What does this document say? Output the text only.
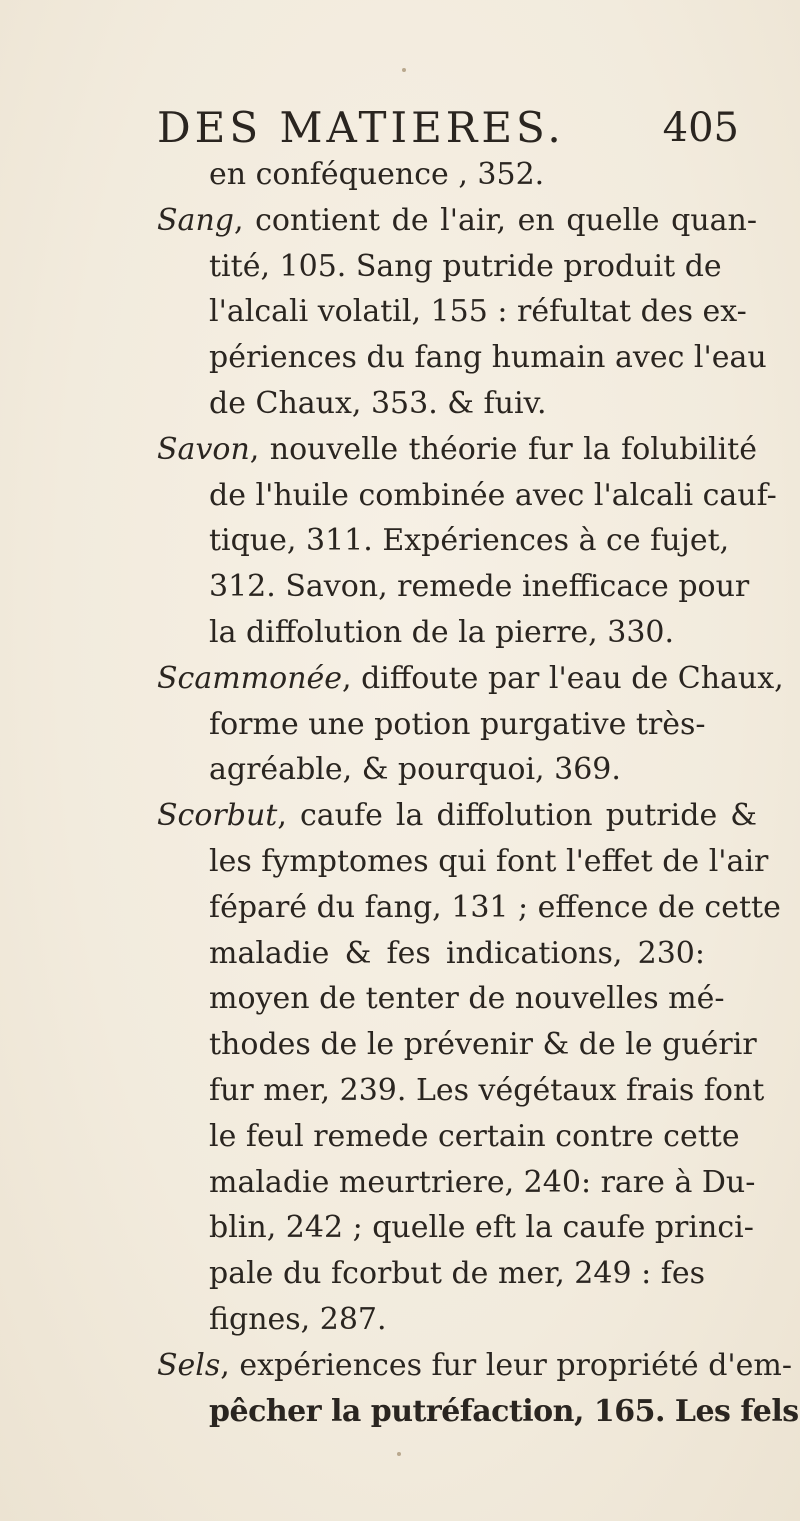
DES MATIERES. 405
en conféquence , 352.
Sang, contient de l'air, en quelle quan-
tité, 105. Sang putride produit de
l'alcali volatil, 155 : réfultat des ex-
périences du fang humain avec l'eau
de Chaux, 353. & fuiv.
Savon, nouvelle théorie fur la folubilité
de l'huile combinée avec l'alcali cauf-
tique, 311. Expériences à ce fujet,
312. Savon, remede inefficace pour
la diffolution de la pierre, 330.
Scammonée, diffoute par l'eau de Chaux,
forme une potion purgative très-
agréable, & pourquoi, 369.
Scorbut, caufe la diffolution putride &
les fymptomes qui font l'effet de l'air
féparé du fang, 131 ; effence de cette
maladie & fes indications, 230:
moyen de tenter de nouvelles mé-
thodes de le prévenir & de le guérir
fur mer, 239. Les végétaux frais font
le feul remede certain contre cette
maladie meurtriere, 240: rare à Du-
blin, 242 ; quelle eft la caufe princi-
pale du fcorbut de mer, 249 : fes
fignes, 287.
Sels, expériences fur leur propriété d'em-
pêcher la putréfaction, 165. Les fels
